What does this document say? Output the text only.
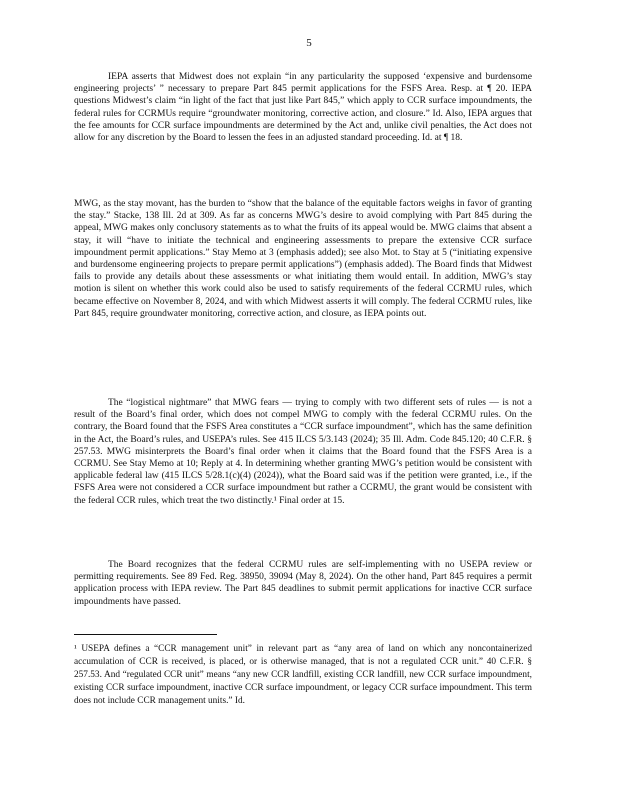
5

IEPA asserts that Midwest does not explain “in any particularity the supposed ‘expensive and burdensome engineering projects’ ” necessary to prepare Part 845 permit applications for the FSFS Area. Resp. at ¶ 20. IEPA questions Midwest’s claim “in light of the fact that just like Part 845,” which apply to CCR surface impoundments, the federal rules for CCRMUs require “groundwater monitoring, corrective action, and closure.” Id. Also, IEPA argues that the fee amounts for CCR surface impoundments are determined by the Act and, unlike civil penalties, the Act does not allow for any discretion by the Board to lessen the fees in an adjusted standard proceeding. Id. at ¶ 18.

MWG, as the stay movant, has the burden to “show that the balance of the equitable factors weighs in favor of granting the stay.” Stacke, 138 Ill. 2d at 309. As far as concerns MWG’s desire to avoid complying with Part 845 during the appeal, MWG makes only conclusory statements as to what the fruits of its appeal would be. MWG claims that absent a stay, it will “have to initiate the technical and engineering assessments to prepare the extensive CCR surface impoundment permit applications.” Stay Memo at 3 (emphasis added); see also Mot. to Stay at 5 (“initiating expensive and burdensome engineering projects to prepare permit applications”) (emphasis added). The Board finds that Midwest fails to provide any details about these assessments or what initiating them would entail. In addition, MWG’s stay motion is silent on whether this work could also be used to satisfy requirements of the federal CCRMU rules, which became effective on November 8, 2024, and with which Midwest asserts it will comply. The federal CCRMU rules, like Part 845, require groundwater monitoring, corrective action, and closure, as IEPA points out.

The “logistical nightmare” that MWG fears — trying to comply with two different sets of rules — is not a result of the Board’s final order, which does not compel MWG to comply with the federal CCRMU rules. On the contrary, the Board found that the FSFS Area constitutes a “CCR surface impoundment”, which has the same definition in the Act, the Board’s rules, and USEPA’s rules. See 415 ILCS 5/3.143 (2024); 35 Ill. Adm. Code 845.120; 40 C.F.R. § 257.53. MWG misinterprets the Board’s final order when it claims that the Board found that the FSFS Area is a CCRMU. See Stay Memo at 10; Reply at 4. In determining whether granting MWG’s petition would be consistent with applicable federal law (415 ILCS 5/28.1(c)(4) (2024)), what the Board said was if the petition were granted, i.e., if the FSFS Area were not considered a CCR surface impoundment but rather a CCRMU, the grant would be consistent with the federal CCR rules, which treat the two distinctly.¹ Final order at 15.

The Board recognizes that the federal CCRMU rules are self-implementing with no USEPA review or permitting requirements. See 89 Fed. Reg. 38950, 39094 (May 8, 2024). On the other hand, Part 845 requires a permit application process with IEPA review. The Part 845 deadlines to submit permit applications for inactive CCR surface impoundments have passed.

¹ USEPA defines a “CCR management unit” in relevant part as “any area of land on which any noncontainerized accumulation of CCR is received, is placed, or is otherwise managed, that is not a regulated CCR unit.” 40 C.F.R. § 257.53. And “regulated CCR unit” means “any new CCR landfill, existing CCR landfill, new CCR surface impoundment, existing CCR surface impoundment, inactive CCR surface impoundment, or legacy CCR surface impoundment. This term does not include CCR management units.” Id.
